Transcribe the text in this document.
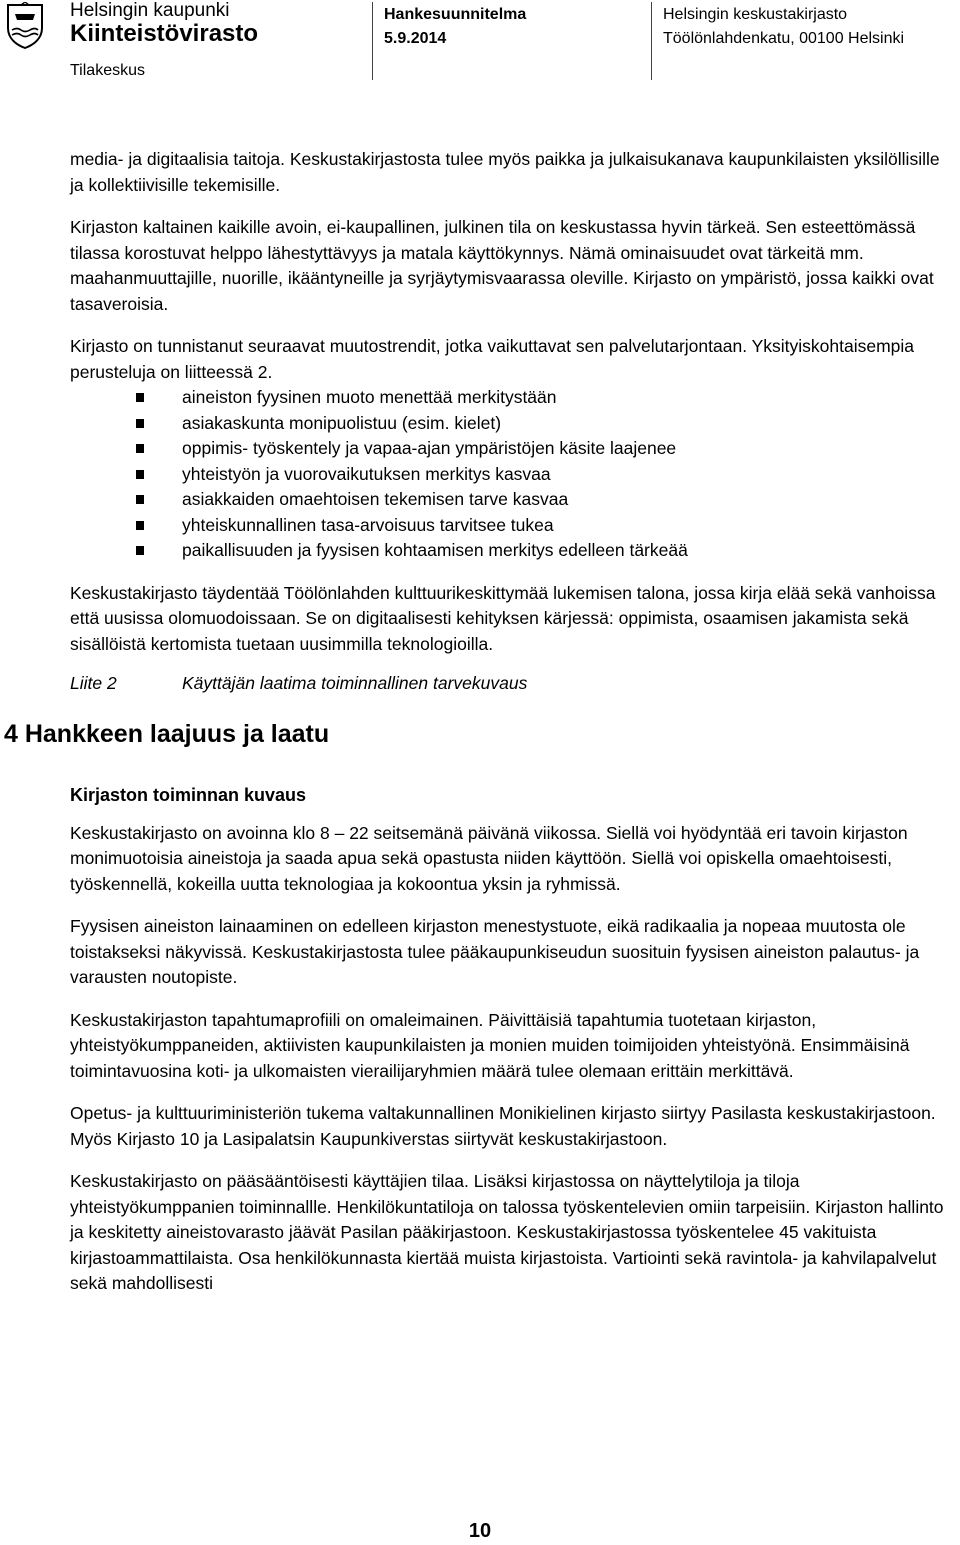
Helsingin kaupunki
Kiinteistövirasto
Tilakeskus
Hankesuunnitelma
5.9.2014
Helsingin keskustakirjasto
Töölönlahdenkatu, 00100 Helsinki

media- ja digitaalisia taitoja. Keskustakirjastosta tulee myös paikka ja julkaisukanava kaupunkilaisten yksilöllisille ja kollektiivisille tekemisille.

Kirjaston kaltainen kaikille avoin, ei-kaupallinen, julkinen tila on keskustassa hyvin tärkeä. Sen esteettömässä tilassa korostuvat helppo lähestyttävyys ja matala käyttökynnys. Nämä ominaisuudet ovat tärkeitä mm. maahanmuuttajille, nuorille, ikääntyneille ja syrjäytymisvaarassa oleville. Kirjasto on ympäristö, jossa kaikki ovat tasaveroisia.

Kirjasto on tunnistanut seuraavat muutostrendit, jotka vaikuttavat sen palvelutarjontaan. Yksityiskohtaisempia perusteluja on liitteessä 2.

aineiston fyysinen muoto menettää merkitystään
asiakaskunta monipuolistuu (esim. kielet)
oppimis- työskentely ja vapaa-ajan ympäristöjen käsite laajenee
yhteistyön ja vuorovaikutuksen merkitys kasvaa
asiakkaiden omaehtoisen tekemisen tarve kasvaa
yhteiskunnallinen tasa-arvoisuus tarvitsee tukea
paikallisuuden ja fyysisen kohtaamisen merkitys edelleen tärkeää

Keskustakirjasto täydentää Töölönlahden kulttuurikeskittymää lukemisen talona, jossa kirja elää sekä vanhoissa että uusissa olomuodoissaan. Se on digitaalisesti kehityksen kärjessä: oppimista, osaamisen jakamista sekä sisällöistä kertomista tuetaan uusimmilla teknologioilla.

Liite 2	Käyttäjän laatima toiminnallinen tarvekuvaus
4 Hankkeen laajuus ja laatu
Kirjaston toiminnan kuvaus

Keskustakirjasto on avoinna klo 8 – 22 seitsemänä päivänä viikossa. Siellä voi hyödyntää eri tavoin kirjaston monimuotoisia aineistoja ja saada apua sekä opastusta niiden käyttöön. Siellä voi opiskella omaehtoisesti, työskennellä, kokeilla uutta teknologiaa ja kokoontua yksin ja ryhmissä.

Fyysisen aineiston lainaaminen on edelleen kirjaston menestystuote, eikä radikaalia ja nopeaa muutosta ole toistakseksi näkyvissä. Keskustakirjastosta tulee pääkaupunkiseudun suosituin fyysisen aineiston palautus- ja varausten noutopiste.

Keskustakirjaston tapahtumaprofiili on omaleimainen. Päivittäisiä tapahtumia tuotetaan kirjaston, yhteistyökumppaneiden, aktiivisten kaupunkilaisten ja monien muiden toimijoiden yhteistyönä. Ensimmäisinä toimintavuosina koti- ja ulkomaisten vierailijaryhmien määrä tulee olemaan erittäin merkittävä.

Opetus- ja kulttuuriministeriön tukema valtakunnallinen Monikielinen kirjasto siirtyy Pasilasta keskustakirjastoon. Myös Kirjasto 10 ja Lasipalatsin Kaupunkiverstas siirtyvät keskustakirjastoon.

Keskustakirjasto on pääsääntöisesti käyttäjien tilaa. Lisäksi kirjastossa on näyttelytiloja ja tiloja yhteistyökumppanien toiminnallle. Henkilökuntatiloja on talossa työskentelevien omiin tarpeisiin. Kirjaston hallinto ja keskitetty aineistovarasto jäävät Pasilan pääkirjastoon. Keskustakirjastossa työskentelee 45 vakituista kirjastoammattilaista. Osa henkilökunnasta kiertää muista kirjastoista. Vartiointi sekä ravintola- ja kahvilapalvelut sekä mahdollisesti

10
